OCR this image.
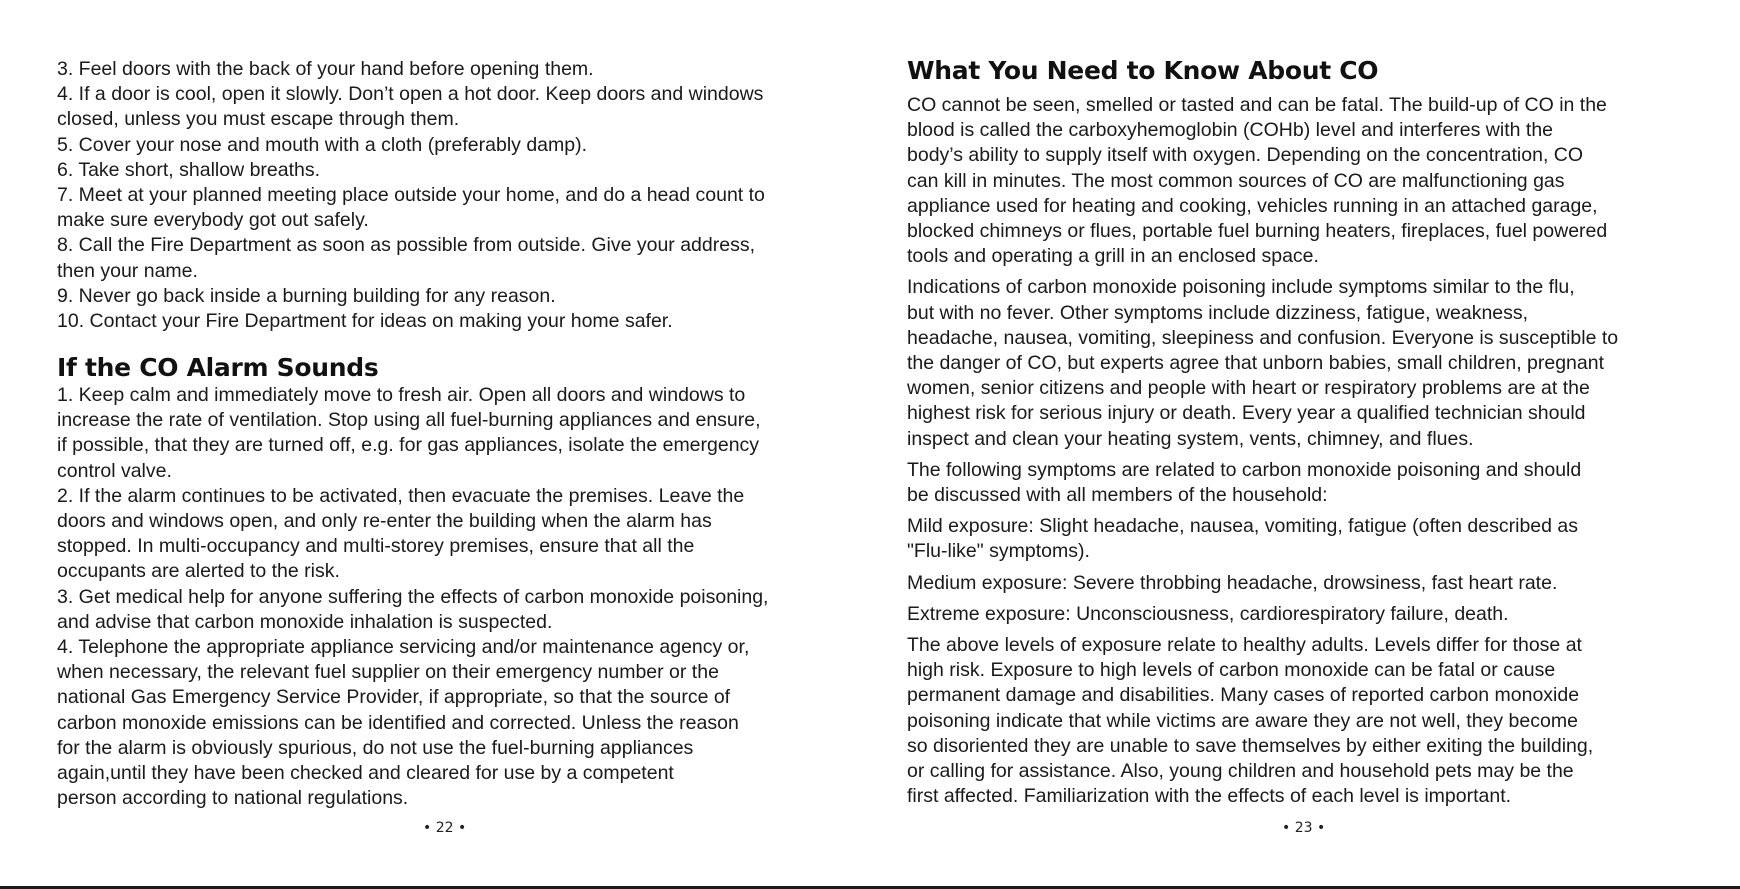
3. Feel doors with the back of your hand before opening them.
4. If a door is cool, open it slowly. Don’t open a hot door. Keep doors and windows
closed, unless you must escape through them.
5. Cover your nose and mouth with a cloth (preferably damp).
6. Take short, shallow breaths.
7. Meet at your planned meeting place outside your home, and do a head count to
make sure everybody got out safely.
8. Call the Fire Department as soon as possible from outside. Give your address,
then your name.
9. Never go back inside a burning building for any reason.
10. Contact your Fire Department for ideas on making your home safer.
If the CO Alarm Sounds
1. Keep calm and immediately move to fresh air. Open all doors and windows to
increase the rate of ventilation. Stop using all fuel-burning appliances and ensure,
if possible, that they are turned off, e.g. for gas appliances, isolate the emergency
control valve.
2. If the alarm continues to be activated, then evacuate the premises. Leave the
doors and windows open, and only re-enter the building when the alarm has
stopped. In multi-occupancy and multi-storey premises, ensure that all the
occupants are alerted to the risk.
3. Get medical help for anyone suffering the effects of carbon monoxide poisoning,
and advise that carbon monoxide inhalation is suspected.
4. Telephone the appropriate appliance servicing and/or maintenance agency or,
when necessary, the relevant fuel supplier on their emergency number or the
national Gas Emergency Service Provider, if appropriate, so that the source of
carbon monoxide emissions can be identified and corrected. Unless the reason
for the alarm is obviously spurious, do not use the fuel-burning appliances
again,until they have been checked and cleared for use by a competent
person according to national regulations.
• 22 •
What You Need to Know About CO

CO cannot be seen, smelled or tasted and can be fatal. The build-up of CO in the
blood is called the carboxyhemoglobin (COHb) level and interferes with the
body’s ability to supply itself with oxygen. Depending on the concentration, CO
can kill in minutes. The most common sources of CO are malfunctioning gas
appliance used for heating and cooking, vehicles running in an attached garage,
blocked chimneys or flues, portable fuel burning heaters, fireplaces, fuel powered
tools and operating a grill in an enclosed space.

Indications of carbon monoxide poisoning include symptoms similar to the flu,
but with no fever. Other symptoms include dizziness, fatigue, weakness,
headache, nausea, vomiting, sleepiness and confusion. Everyone is susceptible to
the danger of CO, but experts agree that unborn babies, small children, pregnant
women, senior citizens and people with heart or respiratory problems are at the
highest risk for serious injury or death. Every year a qualified technician should
inspect and clean your heating system, vents, chimney, and flues.

The following symptoms are related to carbon monoxide poisoning and should
be discussed with all members of the household:

Mild exposure: Slight headache, nausea, vomiting, fatigue (often described as
"Flu-like" symptoms).

Medium exposure: Severe throbbing headache, drowsiness, fast heart rate.

Extreme exposure: Unconsciousness, cardiorespiratory failure, death.

The above levels of exposure relate to healthy adults. Levels differ for those at
high risk. Exposure to high levels of carbon monoxide can be fatal or cause
permanent damage and disabilities. Many cases of reported carbon monoxide
poisoning indicate that while victims are aware they are not well, they become
so disoriented they are unable to save themselves by either exiting the building,
or calling for assistance. Also, young children and household pets may be the
first affected. Familiarization with the effects of each level is important.

• 23 •
